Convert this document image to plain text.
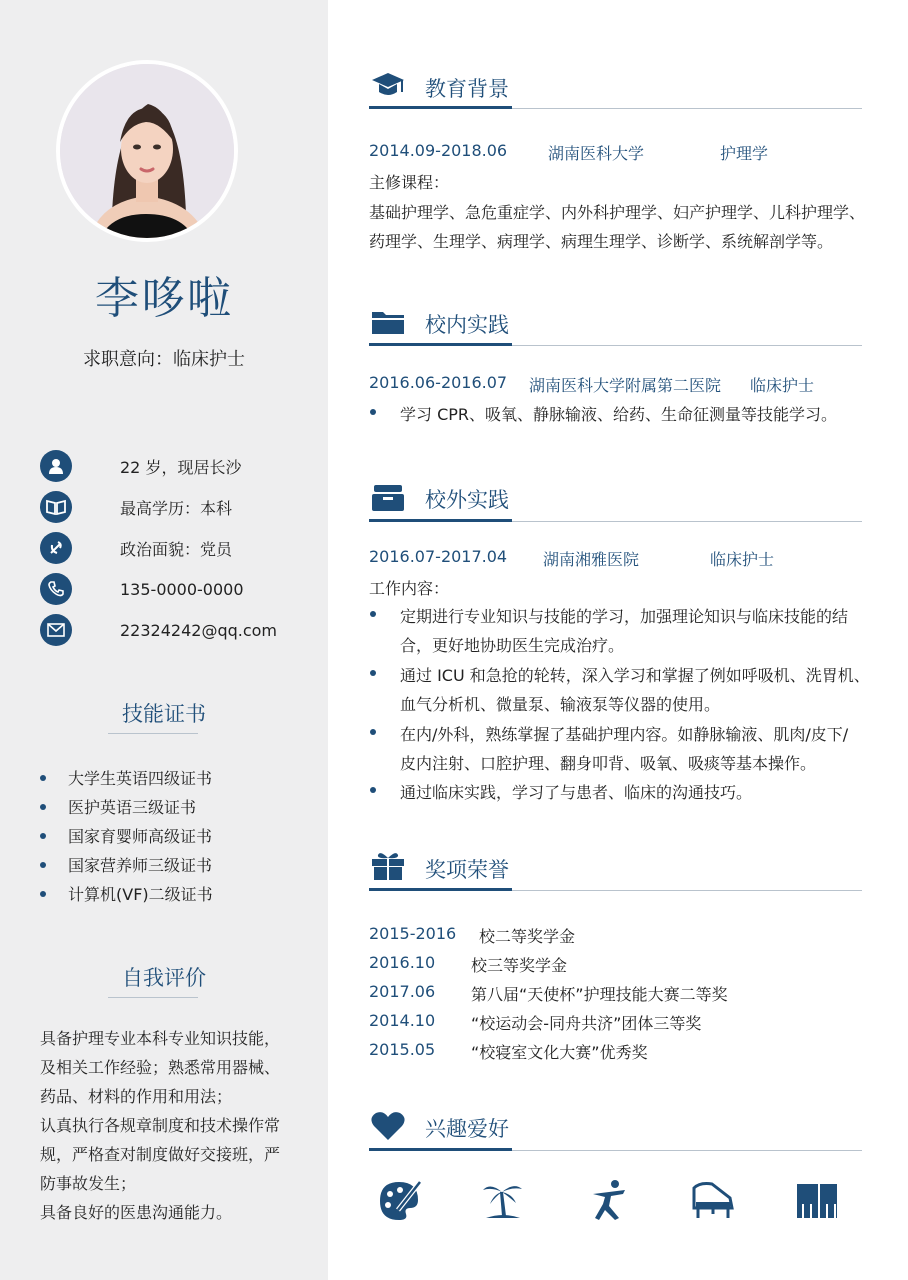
李哆啦
求职意向：临床护士
22 岁，现居长沙
最高学历：本科
政治面貌：党员
135-0000-0000
22324242@qq.com
技能证书
大学生英语四级证书
医护英语三级证书
国家育婴师高级证书
国家营养师三级证书
计算机(VF)二级证书
自我评价
具备护理专业本科专业知识技能，
及相关工作经验；熟悉常用器械、
药品、材料的作用和用法；
认真执行各规章制度和技术操作常
规，严格查对制度做好交接班，严
防事故发生；
具备良好的医患沟通能力。
教育背景
2014.09-2018.06	湖南医科大学	护理学
主修课程：
基础护理学、急危重症学、内外科护理学、妇产护理学、儿科护理学、
药理学、生理学、病理学、病理生理学、诊断学、系统解剖学等。
校内实践
2016.06-2016.07 湖南医科大学附属第二医院 临床护士
学习 CPR、吸氧、静脉输液、给药、生命征测量等技能学习。
校外实践
2016.07-2017.04 湖南湘雅医院	临床护士
工作内容：
定期进行专业知识与技能的学习，加强理论知识与临床技能的结
合，更好地协助医生完成治疗。
通过 ICU 和急抢的轮转，深入学习和掌握了例如呼吸机、洗胃机、
血气分析机、微量泵、输液泵等仪器的使用。
在内/外科，熟练掌握了基础护理内容。如静脉输液、肌肉/皮下/
皮内注射、口腔护理、翻身叩背、吸氧、吸痰等基本操作。
通过临床实践，学习了与患者、临床的沟通技巧。
奖项荣誉
2015-2016 校二等奖学金
2016.10 校三等奖学金
2017.06 第八届“天使杯”护理技能大赛二等奖
2014.10 “校运动会-同舟共济”团体三等奖
2015.05 “校寝室文化大赛”优秀奖
兴趣爱好
